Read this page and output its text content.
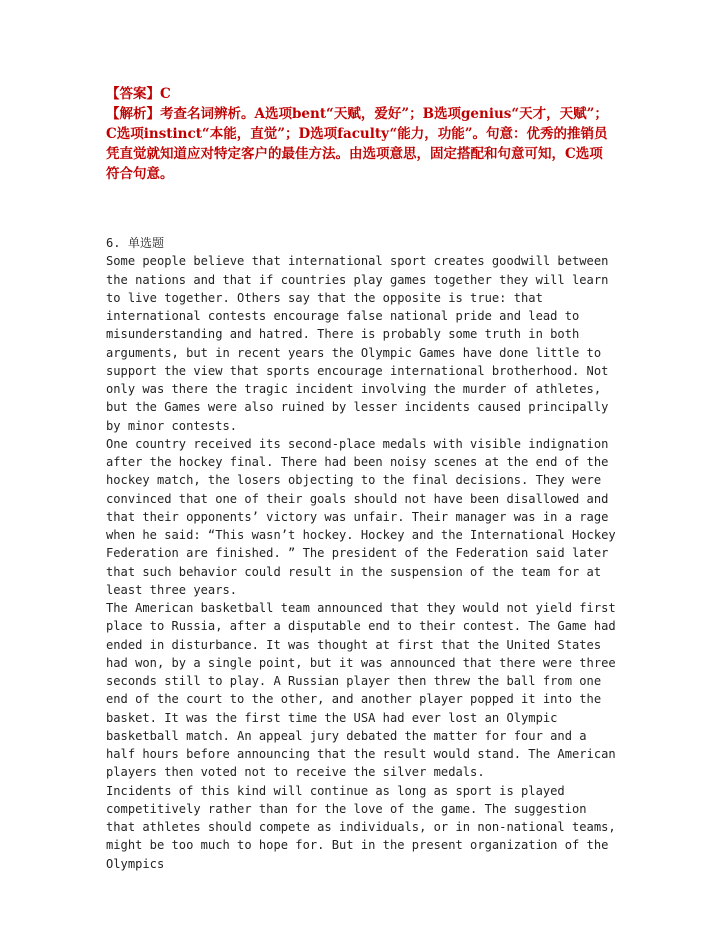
【答案】C

【解析】考查名词辨析。A选项bent“天赋，爱好”；B选项genius“天才，天赋”；C选项instinct“本能，直觉”；D选项faculty“能力，功能”。句意：优秀的推销员凭直觉就知道应对特定客户的最佳方法。由选项意思，固定搭配和句意可知，C选项符合句意。

6. 单选题

Some people believe that international sport creates goodwill between the nations and that if countries play games together they will learn to live together. Others say that the opposite is true: that international contests encourage false national pride and lead to misunderstanding and hatred. There is probably some truth in both arguments, but in recent years the Olympic Games have done little to support the view that sports encourage international brotherhood. Not only was there the tragic incident involving the murder of athletes, but the Games were also ruined by lesser incidents caused principally by minor contests.

One country received its second-place medals with visible indignation after the hockey final. There had been noisy scenes at the end of the hockey match, the losers objecting to the final decisions. They were convinced that one of their goals should not have been disallowed and that their opponents’ victory was unfair. Their manager was in a rage when he said: “This wasn’t hockey. Hockey and the International Hockey Federation are finished. ” The president of the Federation said later that such behavior could result in the suspension of the team for at least three years.

The American basketball team announced that they would not yield first place to Russia, after a disputable end to their contest. The Game had ended in disturbance. It was thought at first that the United States had won, by a single point, but it was announced that there were three seconds still to play. A Russian player then threw the ball from one end of the court to the other, and another player popped it into the basket. It was the first time the USA had ever lost an Olympic basketball match. An appeal jury debated the matter for four and a half hours before announcing that the result would stand. The American players then voted not to receive the silver medals.

Incidents of this kind will continue as long as sport is played competitively rather than for the love of the game. The suggestion that athletes should compete as individuals, or in non-national teams, might be too much to hope for. But in the present organization of the Olympics
